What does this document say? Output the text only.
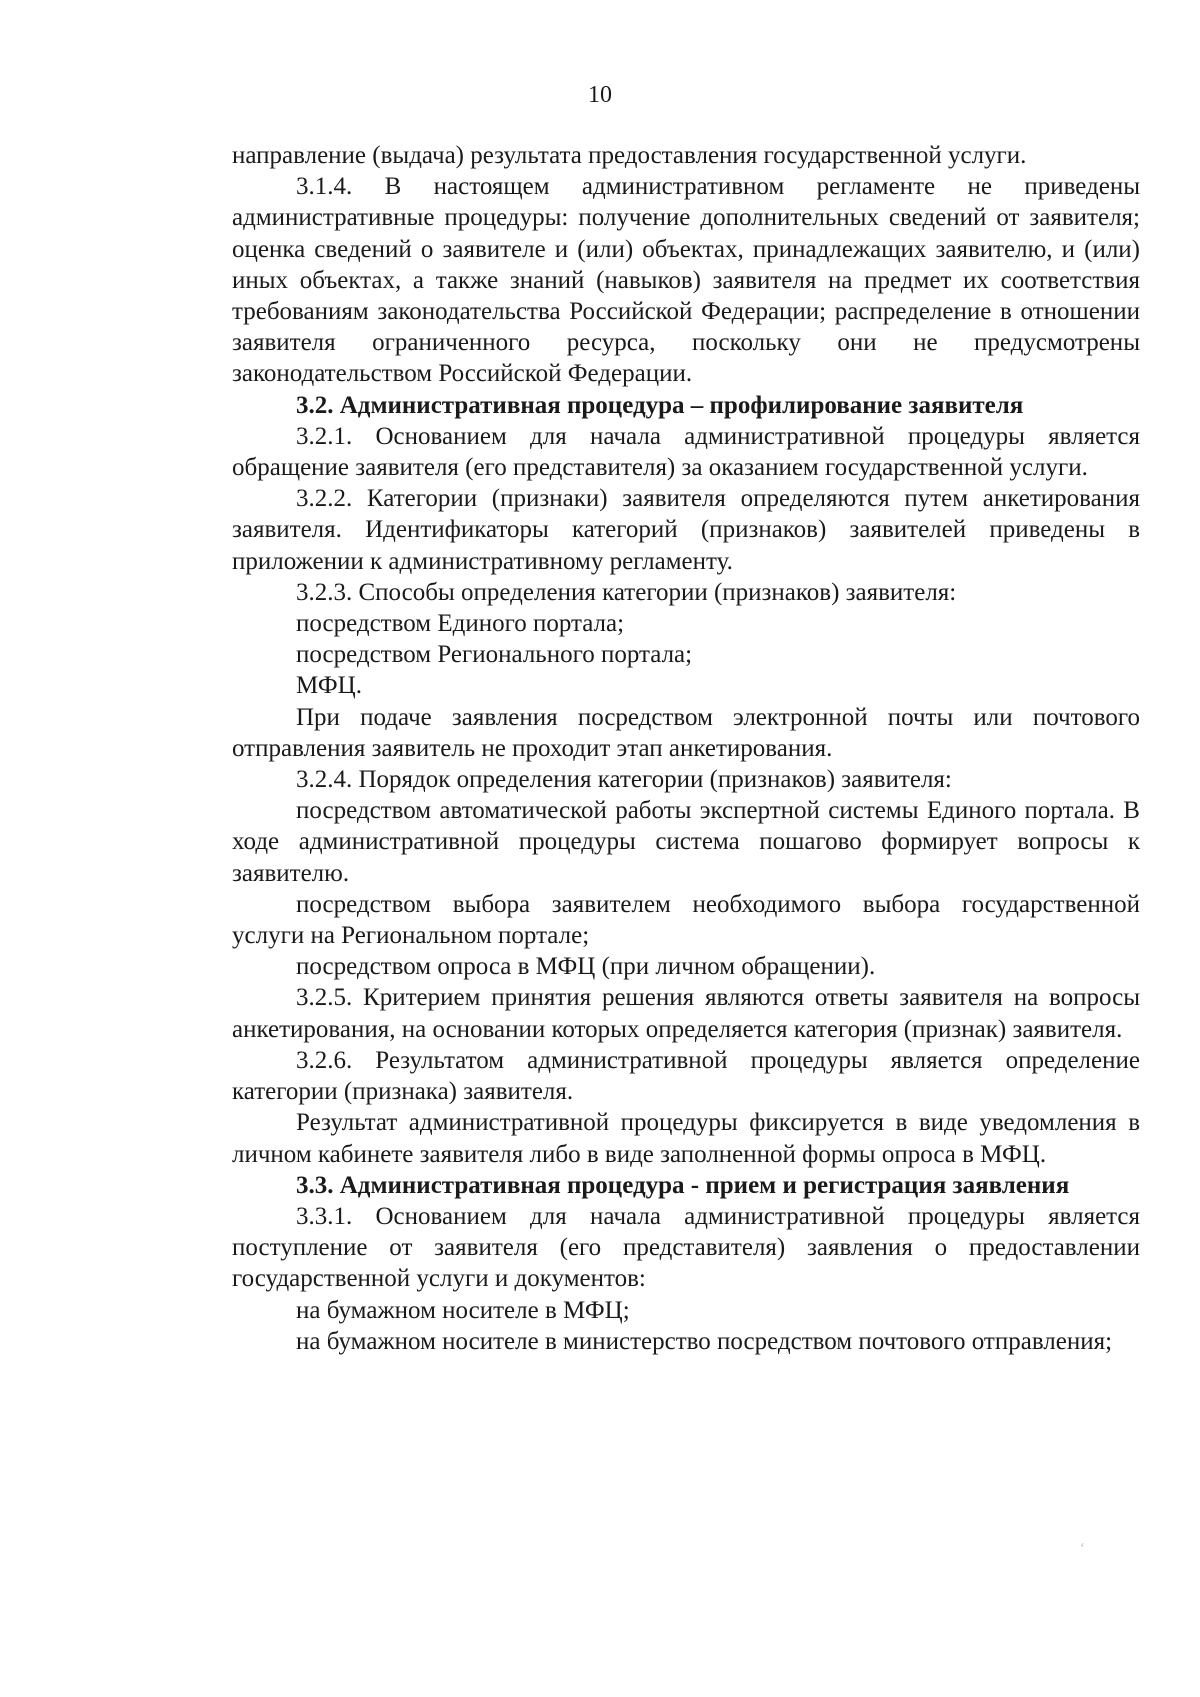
10

направление (выдача) результата предоставления государственной услуги.

3.1.4. В настоящем административном регламенте не приведены административные процедуры: получение дополнительных сведений от заявителя; оценка сведений о заявителе и (или) объектах, принадлежащих заявителю, и (или) иных объектах, а также знаний (навыков) заявителя на предмет их соответствия требованиям законодательства Российской Федерации; распределение в отношении заявителя ограниченного ресурса, поскольку они не предусмотрены законодательством Российской Федерации.

3.2. Административная процедура – профилирование заявителя

3.2.1. Основанием для начала административной процедуры является обращение заявителя (его представителя) за оказанием государственной услуги.

3.2.2. Категории (признаки) заявителя определяются путем анкетирования заявителя. Идентификаторы категорий (признаков) заявителей приведены в приложении к административному регламенту.

3.2.3. Способы определения категории (признаков) заявителя:

посредством Единого портала;

посредством Регионального портала;

МФЦ.

При подаче заявления посредством электронной почты или почтового отправления заявитель не проходит этап анкетирования.

3.2.4. Порядок определения категории (признаков) заявителя:

посредством автоматической работы экспертной системы Единого портала. В ходе административной процедуры система пошагово формирует вопросы к заявителю.

посредством выбора заявителем необходимого выбора государственной услуги на Региональном портале;

посредством опроса в МФЦ (при личном обращении).

3.2.5. Критерием принятия решения являются ответы заявителя на вопросы анкетирования, на основании которых определяется категория (признак) заявителя.

3.2.6. Результатом административной процедуры является определение категории (признака) заявителя.

Результат административной процедуры фиксируется в виде уведомления в личном кабинете заявителя либо в виде заполненной формы опроса в МФЦ.

3.3. Административная процедура - прием и регистрация заявления

3.3.1. Основанием для начала административной процедуры является поступление от заявителя (его представителя) заявления о предоставлении государственной услуги и документов:

на бумажном носителе в МФЦ;

на бумажном носителе в министерство посредством почтового отправления;

‘
